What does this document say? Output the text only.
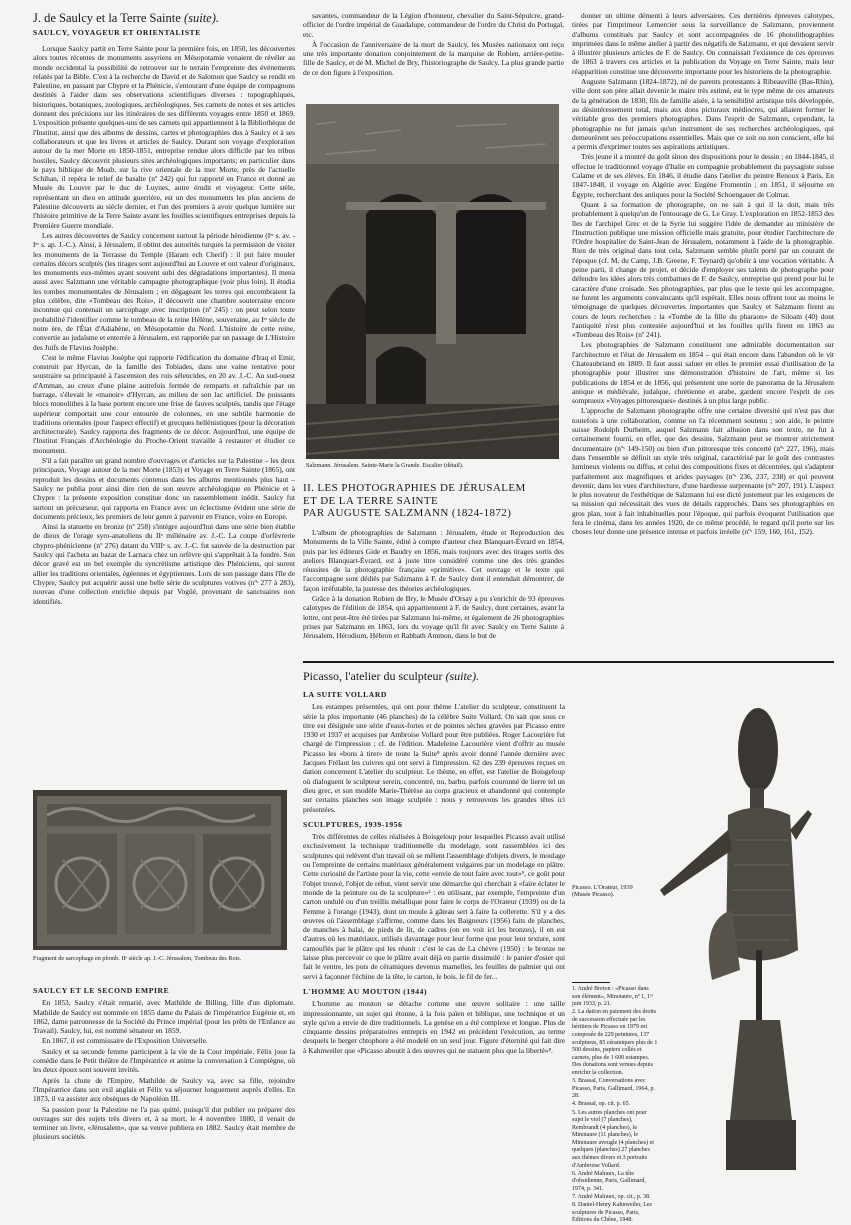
J. de Saulcy et la Terre Sainte (suite).
SAULCY, VOYAGEUR ET ORIENTALISTE

Lorsque Saulcy partit en Terre Sainte pour la première fois, en 1850, les découvertes alors toutes récentes de monuments assyriens en Mésopotamie venaient de révéler au monde occidental la possibilité de retrouver sur le terrain l'empreinte des événements relatés par la Bible. C'est à la recherche de David et de Salomon que Saulcy se rendit en Palestine, en passant par Chypre et la Phénicie, s'entourant d'une équipe de compagnons destinés à l'aider dans ses observations scientifiques diverses : topographiques, historiques, botaniques, zoologiques, archéologiques. Ses carnets de notes et ses articles donnent des précisions sur les itinéraires de ses différents voyages entre 1850 et 1869. L'exposition présente quelques-uns de ses carnets qui appartiennent à la Bibliothèque de l'Institut, ainsi que des albums de dessins, cartes et photographies dus à Saulcy et à ses collaborateurs et que les livres et articles de Saulcy. Durant son voyage d'exploration autour de la mer Morte en 1850-1851, entreprise rendue alors difficile par les tribus hostiles, Saulcy découvrit plusieurs sites archéologiques importants; en particulier dans le pays biblique de Moab, sur la rive orientale de la mer Morte, près de l'actuelle Schihan, il repéra le relief de basalte (nº 242) qui fut rapporté en France et donné au Musée du Louvre par le duc de Luynes, autre érudit et voyageur. Cette stèle, représentant un dieu en attitude guerrière, est un des monuments les plus anciens de Palestine découverts au siècle dernier, et l'un des premiers à avoir quelque lumière sur l'histoire primitive de la Terre Sainte avant les fouilles scientifiques entreprises depuis la Première Guerre mondiale.

Les autres découvertes de Saulcy concernent surtout la période hérodienne (Iᵉʳ s. av. - Iᵉʳ s. ap. J.-C.). Ainsi, à Jérusalem, il obtint des autorités turques la permission de visiter les monuments de la Terrasse du Temple (Haram ech Cherif) : il put faire mouler certains décors sculptés (les tirages sont aujourd'hui au Louvre et ont valeur d'originaux, les monuments eux-mêmes ayant souvent subi des dégradations importantes). Il mena aussi avec Salzmann une véritable campagne photographique (voir plus loin). Il étudia les tombes monumentales de Jérusalem ; en dégageant les terres qui encombraient la plus célèbre, dite «Tombeau des Rois», il découvrit une chambre souterraine encore inconnue qui contenait un sarcophage avec inscription (nº 245) : on peut selon toute probabilité l'identifier comme le tombeau de la reine Hélène, souveraine, au Iᵉʳ siècle de notre ère, de l'État d'Adiabène, en Mésopotamie du Nord. L'histoire de cette reine, convertie au judaïsme et enterrée à Jérusalem, est rapportée par un passage de L'Histoire des Juifs de Flavius Josèphe.

C'est le même Flavius Josèphe qui rapporte l'édification du domaine d'Iraq el Emir, construit par Hyrcan, de la famille des Tobiades, dans une vaine tentative pour soustraire sa principauté à l'ascension des rois séleucides, en 20 av. J.-C. Au sud-ouest d'Amman, au creux d'une plaine autrefois fermée de remparts et rafraîchie par un barrage, s'élevait le «manoir» d'Hyrcan, au milieu de son lac artificiel. De puissants blocs monolithes à la base portent encore une frise de fauves sculptés, tandis que l'étage supérieur comportait une cour entourée de colonnes, en une subtile harmonie de traditions orientales (pour l'aspect effectif) et grecques hellénistiques (pour la décoration architecturale). Saulcy rapporta des fragments de ce décor. Aujourd'hui, une équipe de l'Institut Français d'Archéologie du Proche-Orient travaille à restaurer et étudier ce monument.

S'il a fait paraître un grand nombre d'ouvrages et d'articles sur la Palestine – les deux principaux, Voyage autour de la mer Morte (1853) et Voyage en Terre Sainte (1865), ont reproduit les dessins et documents contenus dans les albums mentionnés plus haut – Saulcy ne publia pour ainsi dire rien de son œuvre archéologique en Phénicie et à Chypre : la présente exposition constitue donc un rassemblement inédit. Saulcy fut surtout un précurseur, qui rapporta en France avec un éclectisme évident une série de documents précieux, les premiers de leur genre à parvenir en France, voire en Europe.

Ainsi la statuette en bronze (nº 258) s'intègre aujourd'hui dans une série bien établie de dieux de l'orage syro-anatoliens du IIᵉ millénaire av. J.-C. La coupe d'orfèvrerie chypro-phénicienne (nº 276) datant du VIIIᵉ s. av. J.-C. fut sauvée de la destruction par Saulcy qui l'acheta au bazar de Larnaca chez un orfèvre qui s'apprêtait à la fondre. Son décor gravé est un bel exemple du syncrétisme artistique des Phéniciens, qui surent allier les traditions orientales, égéennes et égyptiennes. Lors de son passage dans l'île de Chypre, Saulcy put acquérir aussi une belle série de sculptures votives (nºˢ 277 à 283), nouvau d'une collection enrichie depuis par Vogüé, provenant de sanctuaires non identifiés.

Fragment de sarcophage en plomb. IIᵉ siècle ap. J.-C. Jérusalem, Tombeau des Rois.
SAULCY ET LE SECOND EMPIRE

En 1853, Saulcy s'était remarié, avec Mathilde de Billing, fille d'un diplomate. Mathilde de Saulcy est nommée en 1855 dame du Palais de l'impératrice Eugénie et, en 1862, dame patronnesse de la Société du Prince impérial (pour les prêts de l'Enfance au Travail). Saulcy, lui, est nommé sénateur en 1859.

En 1867, il est commissaire de l'Exposition Universelle.

Saulcy et sa seconde femme participent à la vie de la Cour impériale. Félix joue la comédie dans le Petit théâtre de l'Impératrice et anime la conversation à Compiègne, où les deux époux sont souvent invités.

Après la chute de l'Empire, Mathilde de Saulcy va, avec sa fille, rejoindre l'Impératrice dans son exil anglais et Félix va séjourner longuement auprès d'elles. En 1873, il va assister aux obsèques de Napoléon III.

Sa passion pour la Palestine ne l'a pas quitté, puisqu'il dut publier ou préparer des ouvrages sur des sujets très divers et, à sa mort, le 4 novembre 1880, il venait de terminer un livre, «Jérusalem», que sa veuve publiera en 1882. Saulcy était membre de plusieurs sociétés

savantes, commandeur de la Légion d'honneur, chevalier du Saint-Sépulcre, grand-officier de l'ordre impérial de Guadalupe, commandeur de l'ordre du Christ du Portugal, etc.

À l'occasion de l'anniversaire de la mort de Saulcy, les Musées nationaux ont reçu une très importante donation conjointement de la marquise de Robien, arrière-petite-fille de Saulcy, et de M. Michel de Bry, l'historiographe de Saulcy. La plus grande partie de ce don figure à l'exposition.

Salzmann. Jérusalem. Sainte-Marie la Grande. Escalier (détail).
II. LES PHOTOGRAPHIES DE JÉRUSALEM
ET DE LA TERRE SAINTE
PAR AUGUSTE SALZMANN (1824-1872)

L'album de photographies de Salzmann : Jérusalem, étude et Reproduction des Monuments de la Ville Sainte, édité à compte d'auteur chez Blanquart-Évrard en 1854, puis par les éditeurs Gide et Baudry en 1856, mais toujours avec des tirages sortis des ateliers Blanquart-Évrard, est à juste titre considéré comme une des très grandes réussites de la photographie française «primitive». Cet ouvrage et le texte qui l'accompagne sont dédiés par Salzmann à F. de Saulcy dont il entendait démontrer, de façon irréfutable, la justesse des théories archéologiques.

Grâce à la donation Robien de Bry, le Musée d'Orsay a pu s'enrichir de 93 épreuves calotypes de l'édition de 1854, qui appartiennent à F. de Saulcy, dont certaines, avant la lettre, ont peut-être été tirées par Salzmann lui-même, et également de 26 photographies prises par Salzmann en 1863, lors du voyage qu'il fit avec Saulcy en Terre Sainte à Jérusalem, Hérodium, Hébron et Rabbath Ammon, dans le but de

donner un ultime démenti à leurs adversaires. Ces dernières épreuves calotypes, tirées par l'imprimeur Lemercier sous la surveillance de Salzmann, proviennent d'albums constitués par Saulcy et sont accompagnées de 16 photolithographies imprimées dans le même atelier à partir des négatifs de Salzmann, et qui devaient servir à illustrer plusieurs articles de F. de Saulcy. On connaissait l'existence de ces épreuves de 1863 à travers ces articles et la publication du Voyage en Terre Sainte, mais leur réapparition constitue une découverte importante pour les historiens de la photographie.

Auguste Salzmann (1824-1872), né de parents protestants à Ribeauvillé (Bas-Rhin), ville dont son père allait devenir le maire très estimé, est le type même de ces amateurs de la génération de 1830, fils de famille aisée, à la sensibilité artistique très développée, au désintéressement total, mais aux dons picturaux médiocres, qui allaient former le véritable gros des premiers photographes. Dans l'esprit de Salzmann, cependant, la photographie ne fut jamais qu'un instrument de ses recherches archéologiques, qui demeurèrent ses préoccupations essentielles. Mais que ce soit ou non conscient, elle lui a permis d'exprimer toutes ses aspirations artistiques.

Très jeune il a montré du goût sinon des dispositions pour le dessin ; en 1844-1845, il effectue le traditionnel voyage d'Italie en compagnie probablement du paysagiste suisse Calame et de ses élèves. En 1846, il étudie dans l'atelier du peintre Renoux à Paris. En 1847-1848, il voyage en Algérie avec Eugène Fromentin ; en 1851, il séjourne en Égypte, recherchant des antiques pour la Société Schoengauer de Colmar.

Quant à sa formation de photographe, on ne sait à qui il la doit, mais très probablement à quelqu'un de l'entourage de G. Le Gray. L'exploration en 1852-1853 des îles de l'archipel Grec et de la Syrie lui suggère l'idée de demander au ministère de l'Instruction publique une mission officielle mais gratuite, pour étudier l'architecture de l'Ordre hospitalier de Saint-Jean de Jérusalem, notamment à l'aide de la photographie. Rien de très original dans tout cela, Salzmann semble plutôt porté par un courant de l'époque (cf. M. du Camp, J.B. Greene, F. Teynard) qu'obéir à une vocation véritable. À peine parti, il change de projet, et décide d'employer ses talents de photographe pour défendre les idées alors très combattues de F. de Saulcy, entreprise qui prend pour lui le caractère d'une croisade. Ses photographies, par plus que le texte qui les accompagne, ne furent les arguments convaincants qu'il espérait. Elles nous offrent tout au moins le témoignage de quelques découvertes importantes que Saulcy et Salzmann firent au cours de leurs recherches : la «Tombe de la fille du pharaon» de Siloam (40) dont l'antiquité n'est plus contestée aujourd'hui et les fouilles qu'ils firent en 1863 au «Tombeau des Rois» (nº 241).

Les photographies de Salzmann constituent une admirable documentation sur l'architecture et l'état de Jérusalem en 1854 – qui était encore dans l'abandon où le vit Chateaubriand en 1809. Il faut aussi saluer en elles le premier essai d'utilisation de la photographie pour illustrer une démonstration d'histoire de l'art, même si les publications de 1854 et de 1856, qui présentent une sorte de panorama de la Jérusalem antique et médiévale, judaïque, chrétienne et arabe, gardent encore l'esprit de ces somptueux «Voyages pittoresques» destinés à un plus large public.

L'approche de Salzmann photographe offre une certaine diversité qui n'est pas due toutefois à une collaboration, comme on l'a récemment soutenu ; son aide, le peintre suisse Rodolph Durheim, auquel Salzmann fait allusion dans son texte, ne fut à certainement fourni, en effet, que des dessins. Salzmann peut se montrer strictement documentaire (nºˢ 149-150) ou bien d'un pittoresque très concerté (nºˢ 227, 196), mais dans l'ensemble se définit un style très original, caractérisé par le goût des contrastes lumineux violents ou diffus, et celui des compositions fixes et décentrées, qui s'adaptent parfaitement aux magnifiques et arides paysages (nºˢ 236, 237, 238) et qui peuvent devenir, dans les vues d'architecture, d'une hardiesse surprenante (nºˢ 207, 191). L'aspect le plus novateur de l'esthétique de Salzmann lui est dicté justement par les exigences de sa mission qui nécessitait des vues de détails rapprochés. Dans ses photographies en gros plan, tout à fait inhabituelles pour l'époque, qui parfois évoquent l'utilisation que fera le cinéma, dans les années 1920, de ce même procédé, le regard qu'il porte sur les choses leur donne une présence intense et parfois irréelle (nºˢ 159, 160, 161, 152).

Picasso, l'atelier du sculpteur (suite).
LA SUITE VOLLARD

Les estampes présentées, qui ont pour thème L'atelier du sculpteur, constituent la série la plus importante (46 planches) de la célèbre Suite Vollard. On sait que sous ce titre est désignée une série d'eaux-fortes et de pointes sèches gravées par Picasso entre 1930 et 1937 et acquises par Ambroise Vollard pour être publiées. Roger Lacourière fut chargé de l'impression ; cf. de l'édition. Madeleine Lacourière vient d'offrir au musée Picasso les «bons à tirer» de toute la Suite⁸ après avoir donné l'année dernière avec Jacques Frélaut les cuivres qui ont servi à l'impression. 62 des 239 épreuves reçues en dation concernent L'atelier du sculpteur. Le thème, en effet, est l'atelier de Boisgeloup où dialoguent le sculpteur serein, concentré, nu, barbu, parfois couronné de lierre tel un dieu grec, et son modèle Marie-Thérèse au corps gracieux et abandonné qui contemple sur certains planches son image sculptée : nous y retrouvons les grandes têtes ici présentées.

SCULPTURES, 1939-1956

Très différentes de celles réalisées à Boisgeloup pour lesquelles Picasso avait utilisé exclusivement la technique traditionnelle du modelage, sont rassemblées ici des sculptures qui relèvent d'un travail où se mêlent l'assemblage d'objets divers, le moulage ou l'empreinte de certains matériaux généralement vulgaires par un modelage en plâtre. Cette curiosité de l'artiste pour la vie, cette «envie de tout faire avec tout»⁹, ce goût pour l'objet trouvé, l'objet de rebut, vient servir une démarche qui cherchait à «faire éclater le monde de la peinture ou de la sculpture»² : en utilisant, par exemple, l'empreinte d'un carton ondulé ou d'un treillis métallique pour faire le corps de l'Orateur (1939) ou de la Femme à l'orange (1943), dont un moule à gâteau sert à faire la collerette. S'il y a des œuvres où l'assemblage s'affirme, comme dans les Baigneurs (1956) faits de planches, de manches à balai, de pieds de lit, de cadres (on en voit ici les bronzes), il en est d'autres où les matériaux, utilisés davantage pour leur forme que pour leur texture, sont camouflés par le plâtre qui les réunit : c'est le cas de La chèvre (1950) : le bronze ne laisse plus percevoir ce que le plâtre avait déjà en partie dissimulé : le panier d'osier qui fait le ventre, les pots de céramiques devenus mamelles, les feuilles de palmier qui ont servi à façonner l'échine de la tête, le carton, le bois. le fil de fer...

L'HOMME AU MOUTON (1944)

L'homme au mouton se détache comme une œuvre solitaire : une taille impressionnante, un sujet qui étonne, à la fois païen et biblique, une technique et un style qu'on a envie de dire traditionnels. La genèse en a été complexe et longue. Plus de cinquante dessins préparatoires entrepris en 1942 en précèdent l'exécution, au terme desquels le berger chtophore a été modelé en un seul jour. Figure d'éternité qui fait dire à Kahnweiler que «Picasso aboutit à des œuvres qui ne statuent plus que la liberté»⁸.

Picasso. L'Orateur, 1939 (Musée Picasso).
1. André Breton : «Picasso dans son élément», Minotaure, nº 1, 1ᵉʳ juin 1933, p. 21.
2. La dation en paiement des droits de succession effectuée par les héritiers de Picasso en 1979 est composée de 229 peintures, 137 sculptures, 85 céramiques plus de 1 500 dessins, papiers collés et carnets, plus de 1 600 estampes. Des donations sont venues depuis enrichir la collection.
3. Brassaï, Conversations avec Picasso, Paris, Gallimard, 1964, p. 28.
4. Brassaï, op. cit. p. 65.
5. Les autres planches ont pour sujet le viol (7 planches), Rembrandt (4 planches), le Minotaure (11 planches), le Minotaure aveugle (4 planches) et quelques (planches) 27 planches aux thèmes divers et 3 portraits d'Ambroise Vollard.
6. André Malraux, La tête d'obsidienne, Paris, Gallimard, 1974, p. 341.
7. André Malraux, op. cit., p. 38.
8. Daniel-Henry Kahnweiler, Les sculptures de Picasso, Paris, Éditions du Chêne, 1948.
